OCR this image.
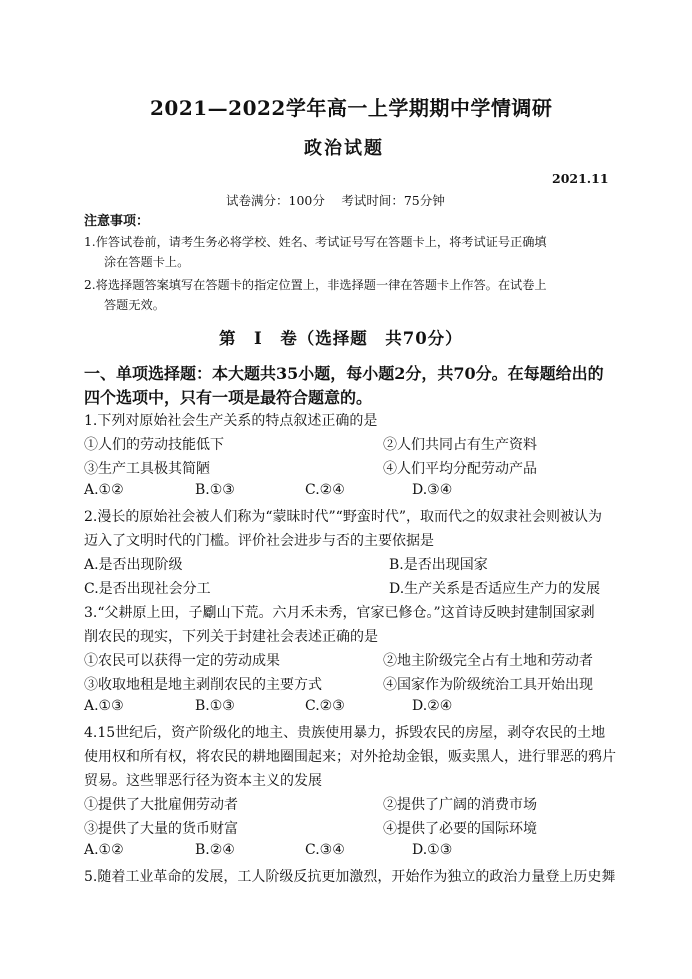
2021—2022学年高一上学期期中学情调研
政治试题
2021.11
试卷满分：100分　 考试时间：75分钟
注意事项：
1.作答试卷前，请考生务必将学校、姓名、考试证号写在答题卡上，将考试证号正确填
涂在答题卡上。
2.将选择题答案填写在答题卡的指定位置上，非选择题一律在答题卡上作答。在试卷上
答题无效。
第　Ⅰ　卷（选择题　共70分）
一、单项选择题：本大题共35小题，每小题2分，共70分。在每题给出的
四个选项中，只有一项是最符合题意的。
1.下列对原始社会生产关系的特点叙述正确的是
①人们的劳动技能低下	②人们共同占有生产资料
③生产工具极其简陋	④人们平均分配劳动产品
A.①②	B.①③	C.②④	D.③④
2.漫长的原始社会被人们称为“蒙昧时代”“野蛮时代”，取而代之的奴隶社会则被认为
迈入了文明时代的门槛。评价社会进步与否的主要依据是
A.是否出现阶级	B.是否出现国家
C.是否出现社会分工	D.生产关系是否适应生产力的发展
3.“父耕原上田，子劚山下荒。六月禾未秀，官家已修仓。”这首诗反映封建制国家剥
削农民的现实，下列关于封建社会表述正确的是
①农民可以获得一定的劳动成果	②地主阶级完全占有土地和劳动者
③收取地租是地主剥削农民的主要方式	④国家作为阶级统治工具开始出现
A.①③	B.①③	C.②③	D.②④
4.15世纪后，资产阶级化的地主、贵族使用暴力，拆毁农民的房屋，剥夺农民的土地
使用权和所有权，将农民的耕地圈围起来；对外抢劫金银，贩卖黑人，进行罪恶的鸦片
贸易。这些罪恶行径为资本主义的发展
①提供了大批雇佣劳动者	②提供了广阔的消费市场
③提供了大量的货币财富	④提供了必要的国际环境
A.①②	B.②④	C.③④	D.①③
5.随着工业革命的发展，工人阶级反抗更加激烈，开始作为独立的政治力量登上历史舞
